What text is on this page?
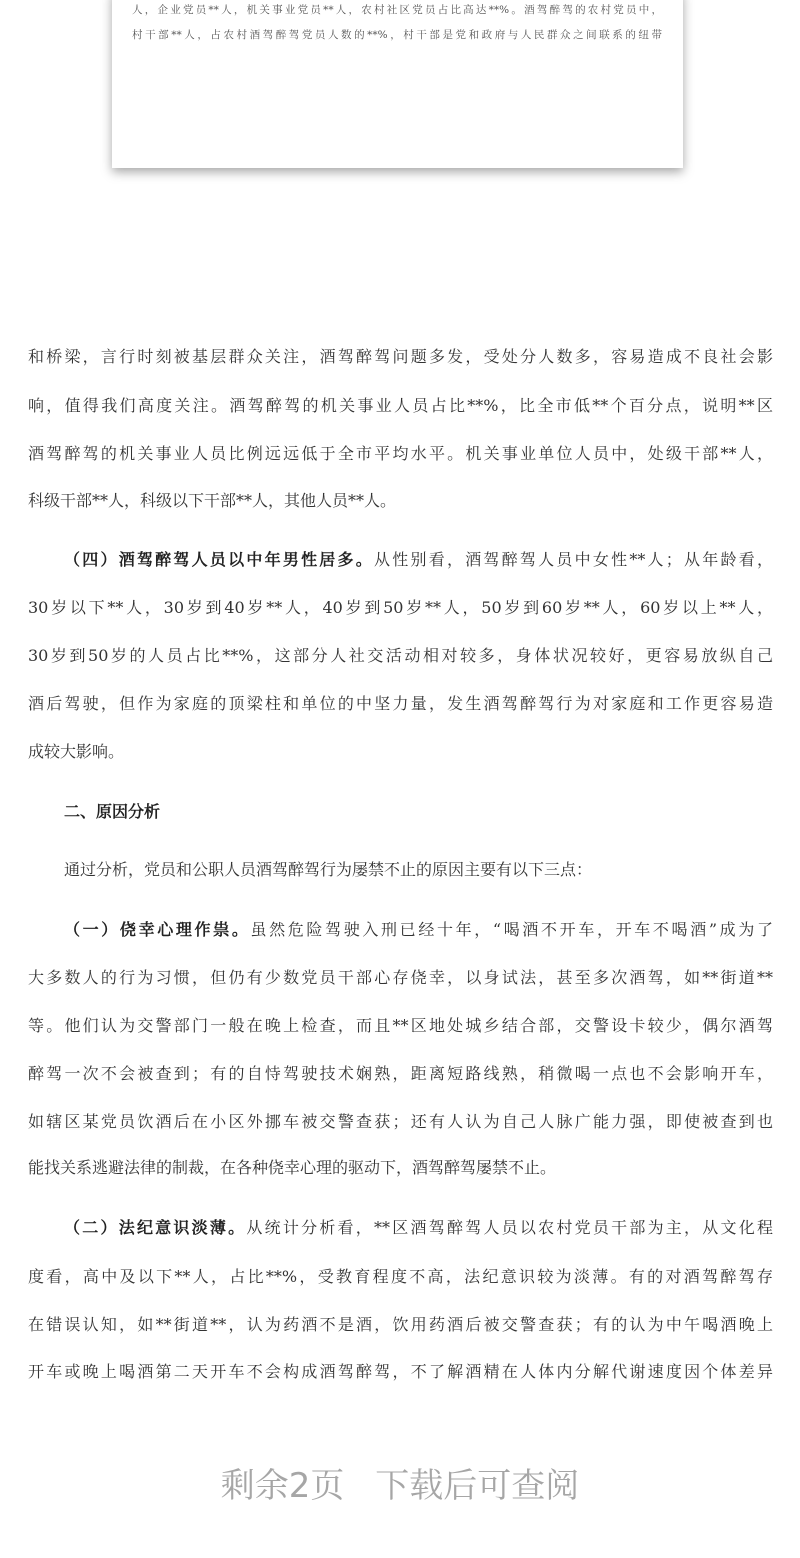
人，企业党员**人，机关事业党员**人，农村社区党员占比高达**%。酒驾醉驾的农村党员中，
村干部**人，占农村酒驾醉驾党员人数的**%，村干部是党和政府与人民群众之间联系的纽带
和桥梁，言行时刻被基层群众关注，酒驾醉驾问题多发，受处分人数多，容易造成不良社会影
响，值得我们高度关注。酒驾醉驾的机关事业人员占比**%，比全市低**个百分点，说明**区
酒驾醉驾的机关事业人员比例远远低于全市平均水平。机关事业单位人员中，处级干部**人，
科级干部**人，科级以下干部**人，其他人员**人。
（四）酒驾醉驾人员以中年男性居多。从性别看，酒驾醉驾人员中女性**人；从年龄看，
30岁以下**人，30岁到40岁**人，40岁到50岁**人，50岁到60岁**人，60岁以上**人，
30岁到50岁的人员占比**%，这部分人社交活动相对较多，身体状况较好，更容易放纵自己
酒后驾驶，但作为家庭的顶梁柱和单位的中坚力量，发生酒驾醉驾行为对家庭和工作更容易造
成较大影响。
二、原因分析
通过分析，党员和公职人员酒驾醉驾行为屡禁不止的原因主要有以下三点：
（一）侥幸心理作祟。虽然危险驾驶入刑已经十年，“喝酒不开车，开车不喝酒”成为了
大多数人的行为习惯，但仍有少数党员干部心存侥幸，以身试法，甚至多次酒驾，如**街道**
等。他们认为交警部门一般在晚上检查，而且**区地处城乡结合部，交警设卡较少，偶尔酒驾
醉驾一次不会被查到；有的自恃驾驶技术娴熟，距离短路线熟，稍微喝一点也不会影响开车，
如辖区某党员饮酒后在小区外挪车被交警查获；还有人认为自己人脉广能力强，即使被查到也
能找关系逃避法律的制裁，在各种侥幸心理的驱动下，酒驾醉驾屡禁不止。
（二）法纪意识淡薄。从统计分析看，**区酒驾醉驾人员以农村党员干部为主，从文化程
度看，高中及以下**人，占比**%，受教育程度不高，法纪意识较为淡薄。有的对酒驾醉驾存
在错误认知，如**街道**，认为药酒不是酒，饮用药酒后被交警查获；有的认为中午喝酒晚上
开车或晚上喝酒第二天开车不会构成酒驾醉驾，不了解酒精在人体内分解代谢速度因个体差异
剩余2页 下载后可查阅
